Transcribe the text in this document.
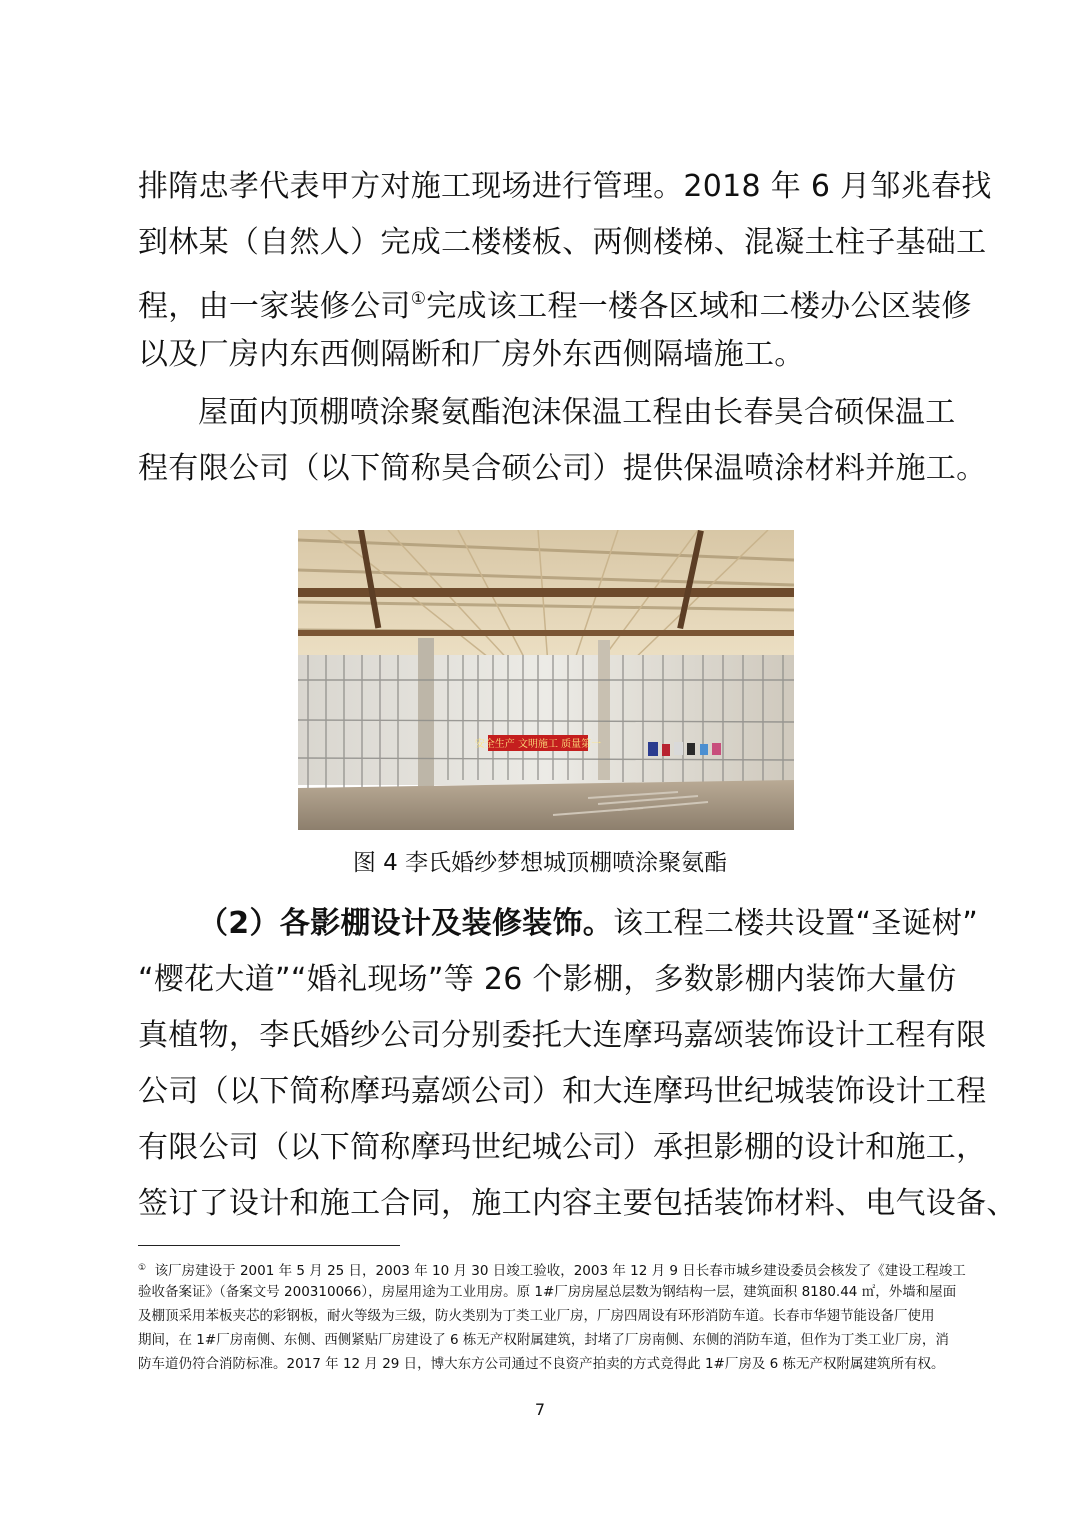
排隋忠孝代表甲方对施工现场进行管理。2018 年 6 月邹兆春找
到林某（自然人）完成二楼楼板、两侧楼梯、混凝土柱子基础工
程，由一家装修公司①完成该工程一楼各区域和二楼办公区装修
以及厂房内东西侧隔断和厂房外东西侧隔墙施工。
屋面内顶棚喷涂聚氨酯泡沫保温工程由长春昊合硕保温工
程有限公司（以下简称昊合硕公司）提供保温喷涂材料并施工。
安全生产 文明施工 质量第一
图 4 李氏婚纱梦想城顶棚喷涂聚氨酯
（2）各影棚设计及装修装饰。该工程二楼共设置“圣诞树”
“樱花大道”“婚礼现场”等 26 个影棚，多数影棚内装饰大量仿
真植物，李氏婚纱公司分别委托大连摩玛嘉颂装饰设计工程有限
公司（以下简称摩玛嘉颂公司）和大连摩玛世纪城装饰设计工程
有限公司（以下简称摩玛世纪城公司）承担影棚的设计和施工，
签订了设计和施工合同，施工内容主要包括装饰材料、电气设备、
① 该厂房建设于 2001 年 5 月 25 日，2003 年 10 月 30 日竣工验收，2003 年 12 月 9 日长春市城乡建设委员会核发了《建设工程竣工
验收备案证》（备案文号 200310066），房屋用途为工业用房。原 1#厂房房屋总层数为钢结构一层，建筑面积 8180.44 ㎡，外墙和屋面
及棚顶采用苯板夹芯的彩钢板，耐火等级为三级，防火类别为丁类工业厂房，厂房四周设有环形消防车道。长春市华翅节能设备厂使用
期间，在 1#厂房南侧、东侧、西侧紧贴厂房建设了 6 栋无产权附属建筑，封堵了厂房南侧、东侧的消防车道，但作为丁类工业厂房，消
防车道仍符合消防标准。2017 年 12 月 29 日，博大东方公司通过不良资产拍卖的方式竞得此 1#厂房及 6 栋无产权附属建筑所有权。
7
